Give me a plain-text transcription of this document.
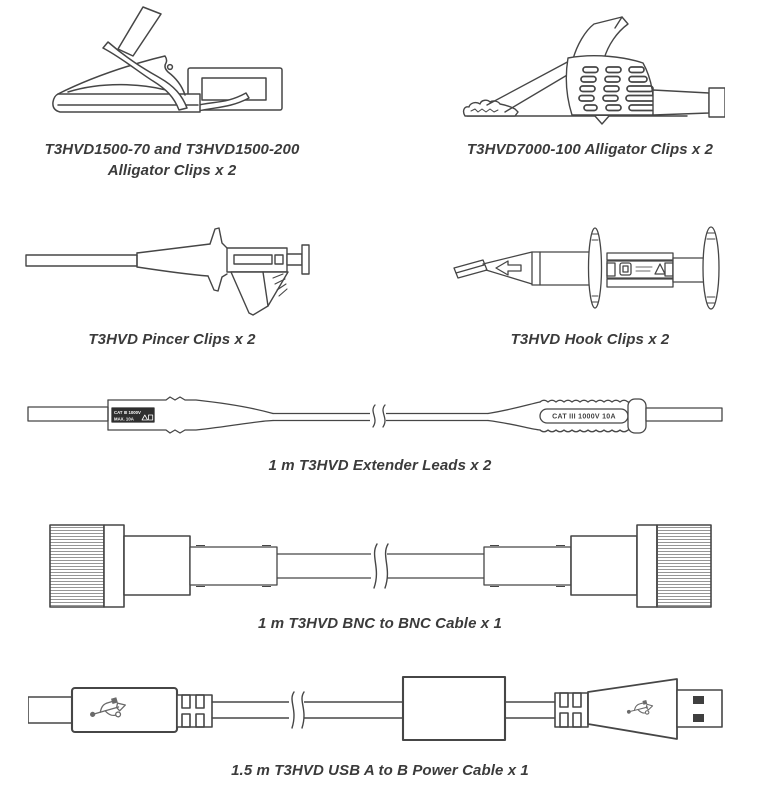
T3HVD1500-70 and T3HVD1500-200
Alligator Clips x 2
T3HVD7000-100 Alligator Clips x 2
T3HVD Pincer Clips x 2	T3HVD Hook Clips x 2
CAT III 1000V
MAX. 10A	CAT III 1000V 10A
1 m T3HVD Extender Leads x 2
1 m T3HVD BNC to BNC Cable x 1
1.5 m T3HVD USB A to B Power Cable x 1
